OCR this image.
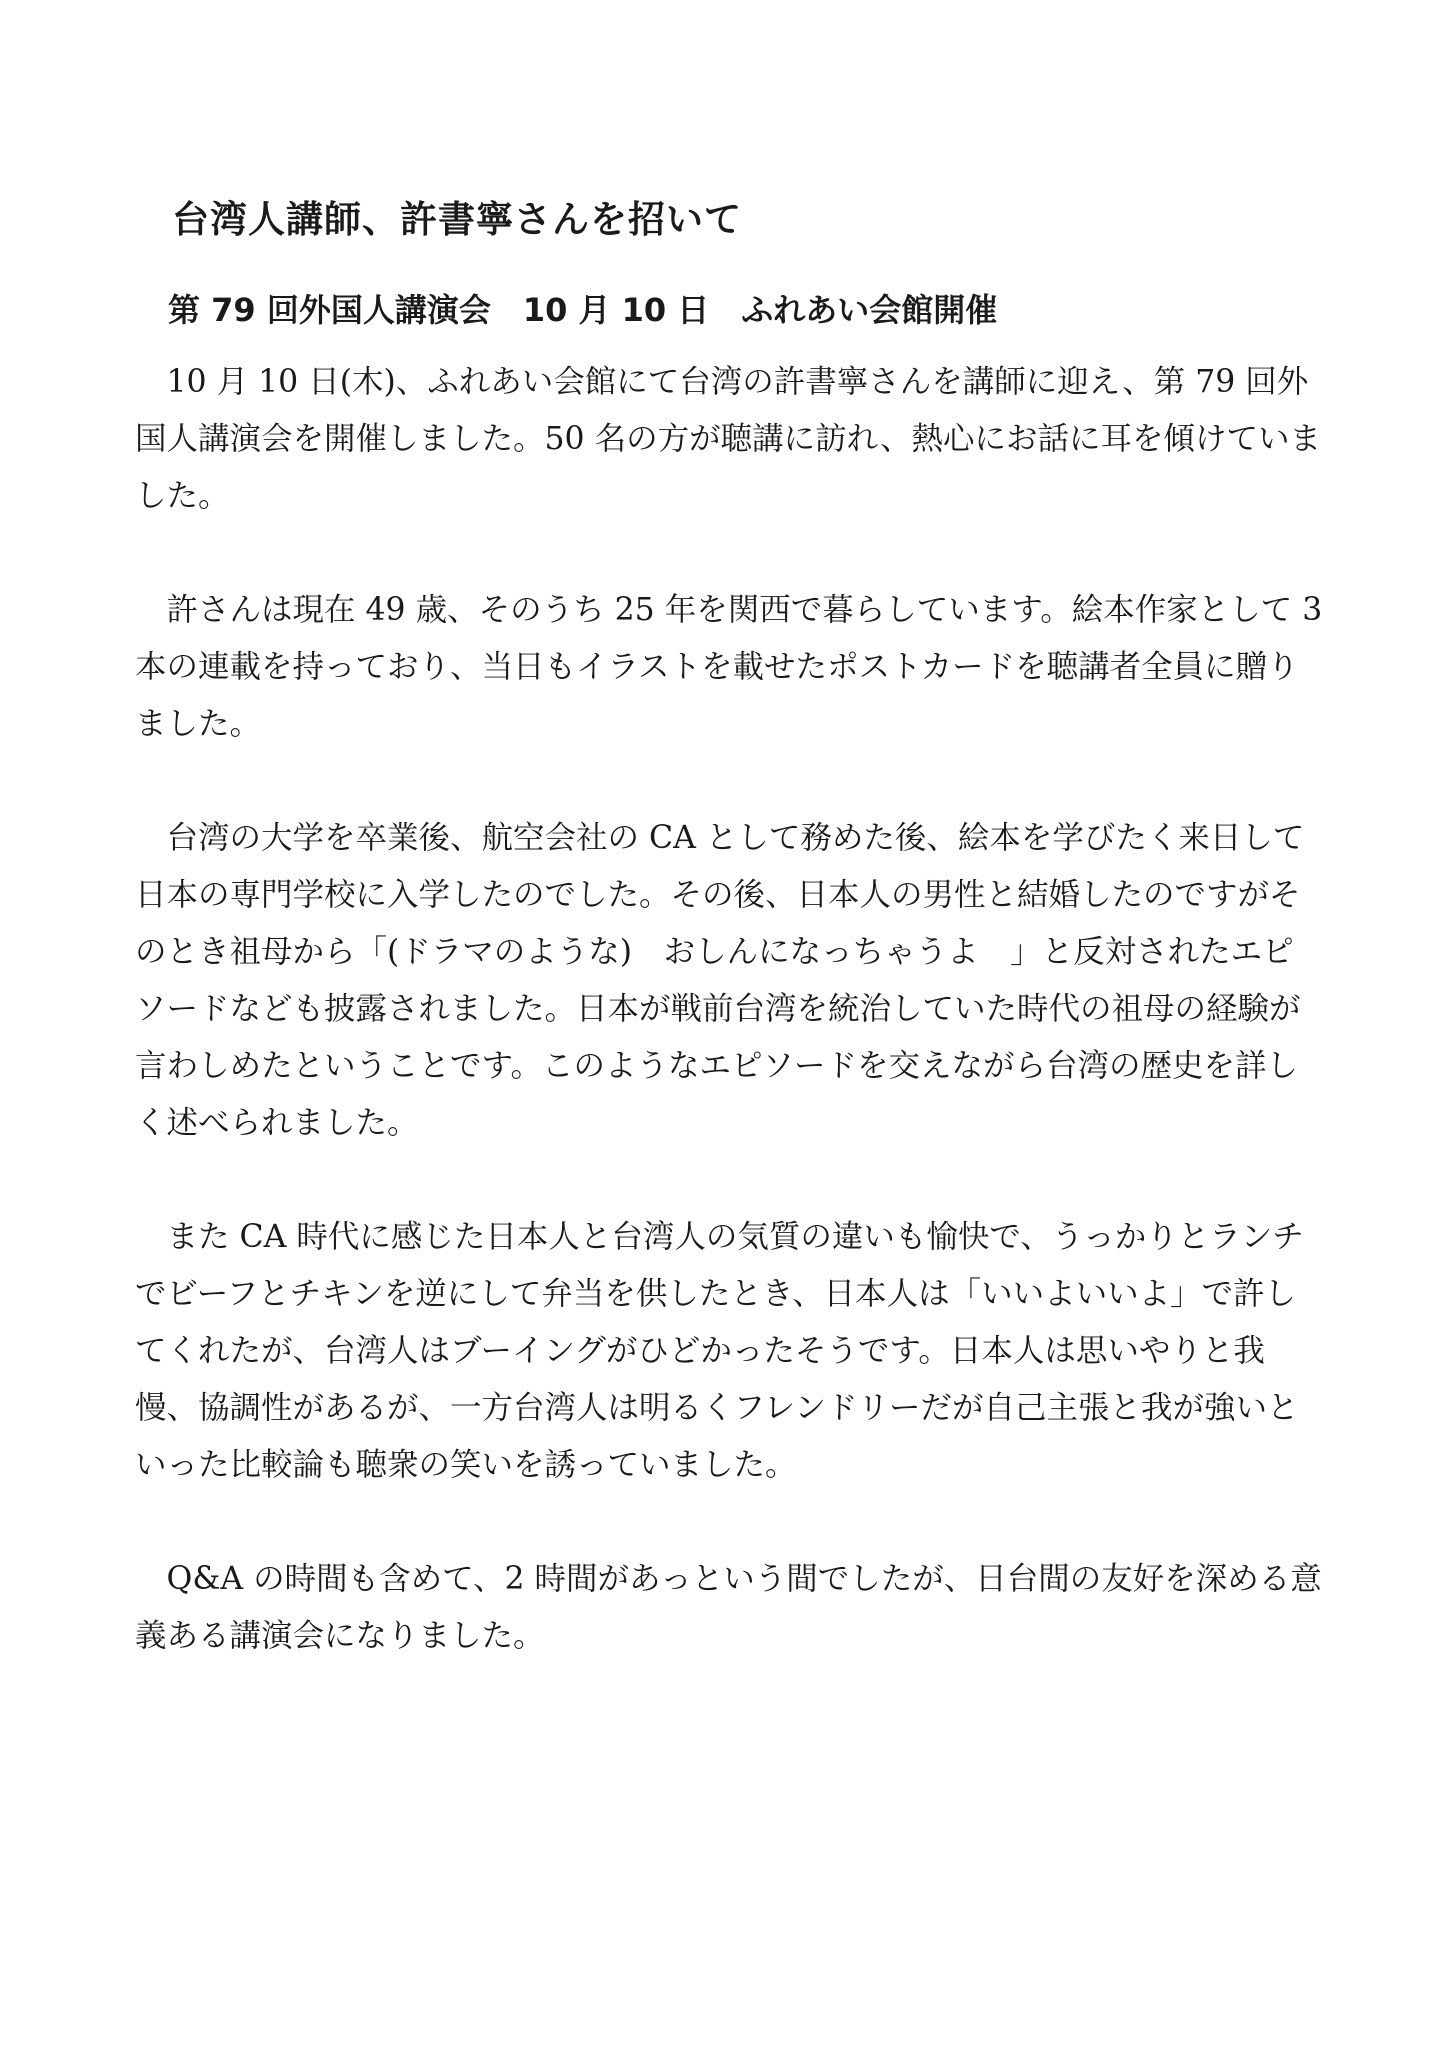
台湾人講師、許書寧さんを招いて
第 79 回外国人講演会　10 月 10 日　ふれあい会館開催

10 月 10 日(木)、ふれあい会館にて台湾の許書寧さんを講師に迎え、第 79 回外国人講演会を開催しました。50 名の方が聴講に訪れ、熱心にお話に耳を傾けていました。

許さんは現在 49 歳、そのうち 25 年を関西で暮らしています。絵本作家として 3 本の連載を持っており、当日もイラストを載せたポストカードを聴講者全員に贈りました。

台湾の大学を卒業後、航空会社の CA として務めた後、絵本を学びたく来日して日本の専門学校に入学したのでした。その後、日本人の男性と結婚したのですがそのとき祖母から「(ドラマのような)　おしんになっちゃうよ　」と反対されたエピソードなども披露されました。日本が戦前台湾を統治していた時代の祖母の経験が言わしめたということです。このようなエピソードを交えながら台湾の歴史を詳しく述べられました。

また CA 時代に感じた日本人と台湾人の気質の違いも愉快で、うっかりとランチでビーフとチキンを逆にして弁当を供したとき、日本人は「いいよいいよ」で許してくれたが、台湾人はブーイングがひどかったそうです。日本人は思いやりと我慢、協調性があるが、一方台湾人は明るくフレンドリーだが自己主張と我が強いといった比較論も聴衆の笑いを誘っていました。

Q&A の時間も含めて、2 時間があっという間でしたが、日台間の友好を深める意義ある講演会になりました。
